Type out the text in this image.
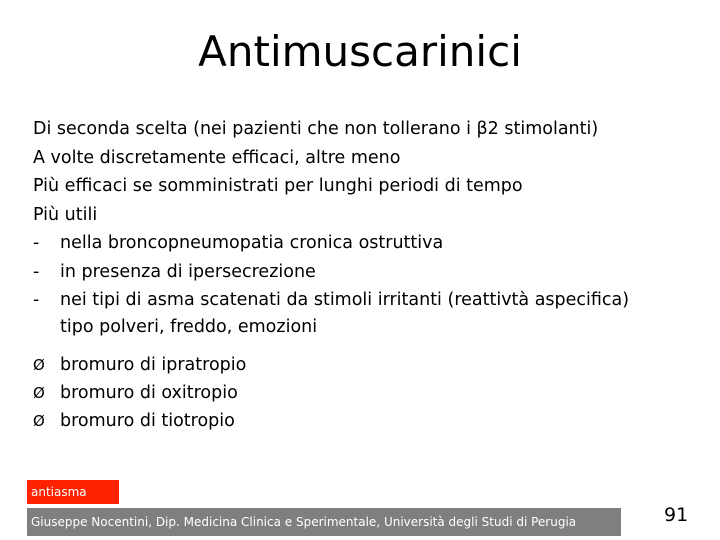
Antimuscarinici
Di seconda scelta (nei pazienti che non tollerano i β2 stimolanti)
A volte discretamente efficaci, altre meno
Più efficaci se somministrati per lunghi periodi di tempo
Più utili
- nella broncopneumopatia cronica ostruttiva
- in presenza di ipersecrezione
- nei tipi di asma scatenati da stimoli irritanti (reattivtà aspecifica)
tipo polveri, freddo, emozioni
Ø bromuro di ipratropio
Ø bromuro di oxitropio
Ø bromuro di tiotropio
antiasma
Giuseppe Nocentini, Dip. Medicina Clinica e Sperimentale, Università degli Studi di Perugia	91
